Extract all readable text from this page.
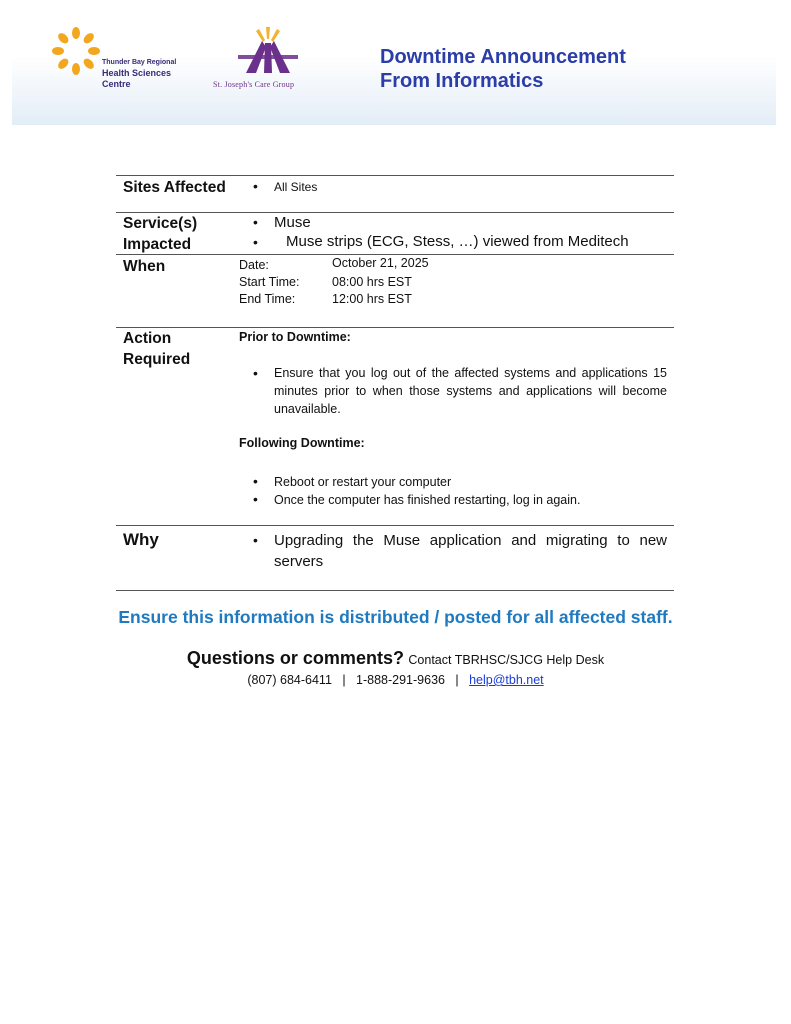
Thunder Bay Regional
Health Sciences
Centre	St. Joseph's Care Group
Downtime Announcement
From Informatics
Sites Affected • All Sites
Service(s)
Impacted
• Muse
• Muse strips (ECG, Stess, …) viewed from Meditech
When	Date:	October 21, 2025
Start Time:	08:00 hrs EST
End Time:	12:00 hrs EST
Action
Required
Prior to Downtime:
• Ensure that you log out of the affected systems and applications 15 minutes prior to when those systems and applications will become unavailable.
Following Downtime:
• Reboot or restart your computer
• Once the computer has finished restarting, log in again.
Why	• Upgrading the Muse application and migrating to new servers
Ensure this information is distributed / posted for all affected staff.
Questions or comments? Contact TBRHSC/SJCG Help Desk
(807) 684-6411 | 1-888-291-9636 | help@tbh.net
